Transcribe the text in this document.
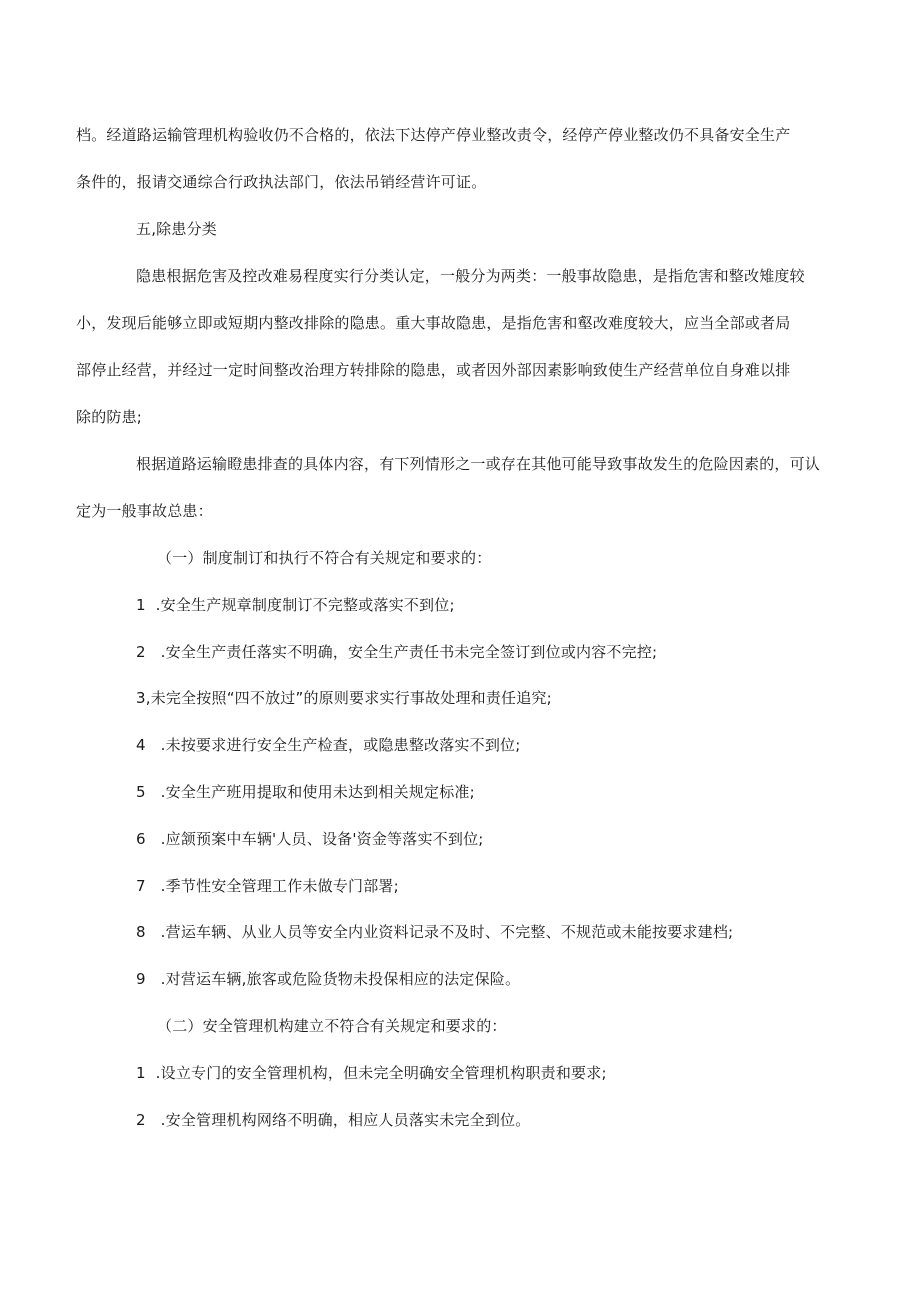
档。经道路运输管理机构验收仍不合格的，依法下达停产停业整改责令，经停产停业整改仍不具备安全生产
条件的，报请交通综合行政执法部门，依法吊销经营许可证。
五,除患分类
隐患根据危害及控改难易程度实行分类认定，一般分为两类：一般事故隐患，是指危害和整改雉度较
小，发现后能够立即或短期内整改排除的隐患。重大事故隐患，是指危害和壑改难度较大，应当全部或者局
部停止经营，并经过一定时间整改治理方转排除的隐患，或者因外部因素影响致使生产经营单位自身难以排
除的防患;
根据道路运输瞪患排查的具体内容，有下列情形之一或存在其他可能导致事故发生的危险因素的，可认
定为一般事故总患：
（一）制度制订和执行不符合有关规定和要求的：
1  .安全生产规章制度制订不完整或落实不到位;
2   .安全生产责任落实不明确，安全生产责任书未完全签订到位或内容不完控;
3,未完全按照“四不放过”的原则要求实行事故处理和责任追究;
4   .未按要求进行安全生产检查，或隐患整改落实不到位;
5   .安全生产班用提取和使用未达到相关规定标准;
6   .应颔预案中车辆'人员、设备'资金等落实不到位;
7   .季节性安全管理工作未做专门部署;
8   .营运车辆、从业人员等安全内业资料记录不及时、不完整、不规范或未能按要求建档;
9   .对营运车辆,旅客或危险货物未投保相应的法定保险。
（二）安全管理机构建立不符合有关规定和要求的：
1  .设立专门的安全管理机构，但未完全明确安全管理机构职责和要求;
2   .安全管理机构网络不明确，相应人员落实未完全到位。
